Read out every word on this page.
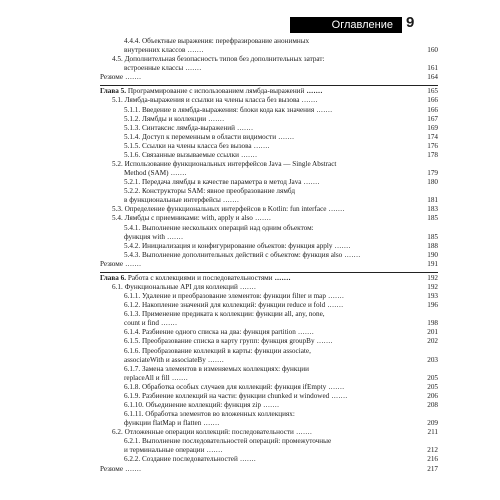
Оглавление 9
4.4.4. Объектные выражения: перефразирование анонимных
внутренних классов .......	160
4.5. Дополнительная безопасность типов без дополнительных затрат:
встроенные классы .......	161
Резюме .......	164
Глава 5. Программирование с использованием лямбда-выражений .......	165
5.1. Лямбда-выражения и ссылки на члены класса без вызова .......	166
5.1.1. Введение в лямбда-выражения: блоки кода как значения .......	166
5.1.2. Лямбды и коллекции .......	167
5.1.3. Синтаксис лямбда-выражений .......	169
5.1.4. Доступ к переменным в области видимости .......	174
5.1.5. Ссылки на члены класса без вызова .......	176
5.1.6. Связанные вызываемые ссылки .......	178
5.2. Использование функциональных интерфейсов Java — Single Abstract
Method (SAM) .......	179
5.2.1. Передача лямбды в качестве параметра в метод Java .......	180
5.2.2. Конструкторы SAM: явное преобразование лямбд
в функциональные интерфейсы .......	181
5.3. Определение функциональных интерфейсов в Kotlin: fun interface .......	183
5.4. Лямбды с приемниками: with, apply и also .......	185
5.4.1. Выполнение нескольких операций над одним объектом:
функция with .......	185
5.4.2. Инициализация и конфигурирование объектов: функция apply .......	188
5.4.3. Выполнение дополнительных действий с объектом: функция also .......	190
Резюме .......	191
Глава 6. Работа с коллекциями и последовательностями .......	192
6.1. Функциональные API для коллекций .......	192
6.1.1. Удаление и преобразование элементов: функции filter и map .......	193
6.1.2. Накопление значений для коллекций: функции reduce и fold .......	196
6.1.3. Применение предиката к коллекции: функции all, any, none,
count и find .......	198
6.1.4. Разбиение одного списка на два: функция partition .......	201
6.1.5. Преобразование списка в карту групп: функция groupBy .......	202
6.1.6. Преобразование коллекций в карты: функции associate,
associateWith и associateBy .......	203
6.1.7. Замена элементов в изменяемых коллекциях: функции
replaceAll и fill .......	205
6.1.8. Обработка особых случаев для коллекций: функция ifEmpty .......	205
6.1.9. Разбиение коллекций на части: функции chunked и windowed .......	206
6.1.10. Объединение коллекций: функция zip .......	208
6.1.11. Обработка элементов во вложенных коллекциях:
функции flatMap и flatten .......	209
6.2. Отложенные операции коллекций: последовательности .......	211
6.2.1. Выполнение последовательностей операций: промежуточные
и терминальные операции .......	212
6.2.2. Создание последовательностей .......	216
Резюме .......	217
